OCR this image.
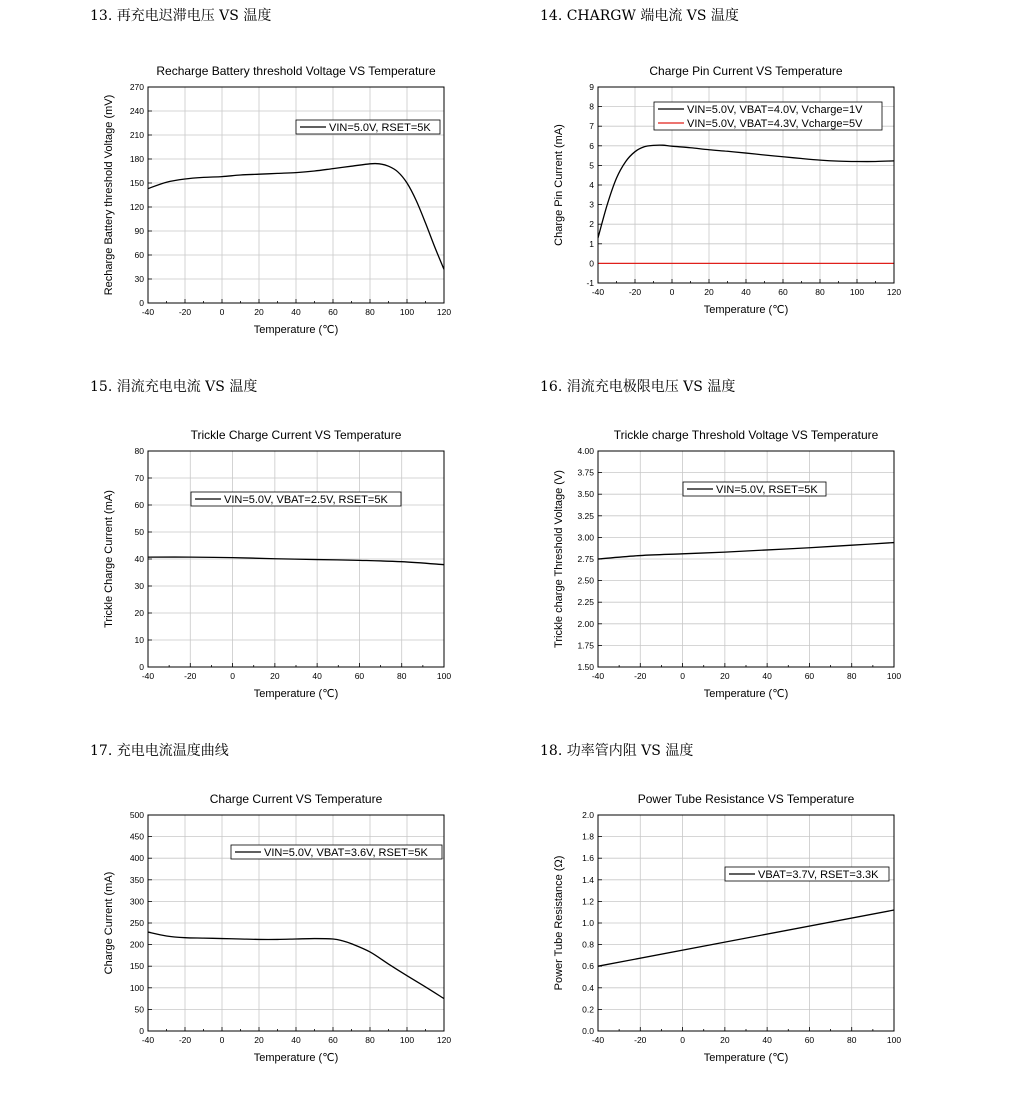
13. 再充电迟滞电压 VS 温度	14. CHARGW 端电流 VS 温度
15. 涓流充电电流 VS 温度	16. 涓流充电极限电压 VS 温度
17. 充电电流温度曲线	18. 功率管内阻 VS 温度
Recharge Battery threshold Voltage VS Temperature
-40	-20	0	20	40	60	80	100	120
0
30
60
90
120
150
180
210
240
270
Temperature (℃)
Recharge Battery threshold Voltage (mV)	VIN=5.0V, RSET=5K
Charge Pin Current VS Temperature
-40	-20	0	20	40	60	80	100	120
-1
0
1
2
3
4
5
6
7
8
9
Temperature (℃)
Charge Pin Current (mA)
VIN=5.0V, VBAT=4.0V, Vcharge=1V
VIN=5.0V, VBAT=4.3V, Vcharge=5V
Trickle Charge Current VS Temperature
-40	-20	0	20	40	60	80	100
0
10
20
30
40
50
60
70
80
Temperature (℃)
Trickle Charge Current (mA)	VIN=5.0V, VBAT=2.5V, RSET=5K
Trickle charge Threshold Voltage VS Temperature
-40	-20	0	20	40	60	80	100
1.50
1.75
2.00
2.25
2.50
2.75
3.00
3.25
3.50
3.75
4.00
Temperature (℃)
Trickle charge Threshold Voltage (V)	VIN=5.0V, RSET=5K
Charge Current VS Temperature
-40	-20	0	20	40	60	80	100	120
0
50
100
150
200
250
300
350
400
450
500
Temperature (℃)
Charge Current (mA)
VIN=5.0V, VBAT=3.6V, RSET=5K
Power Tube Resistance VS Temperature
-40	-20	0	20	40	60	80	100
0.0
0.2
0.4
0.6
0.8
1.0
1.2
1.4
1.6
1.8
2.0
Temperature (℃)
Power Tube Resistance (Ω)	VBAT=3.7V, RSET=3.3K
